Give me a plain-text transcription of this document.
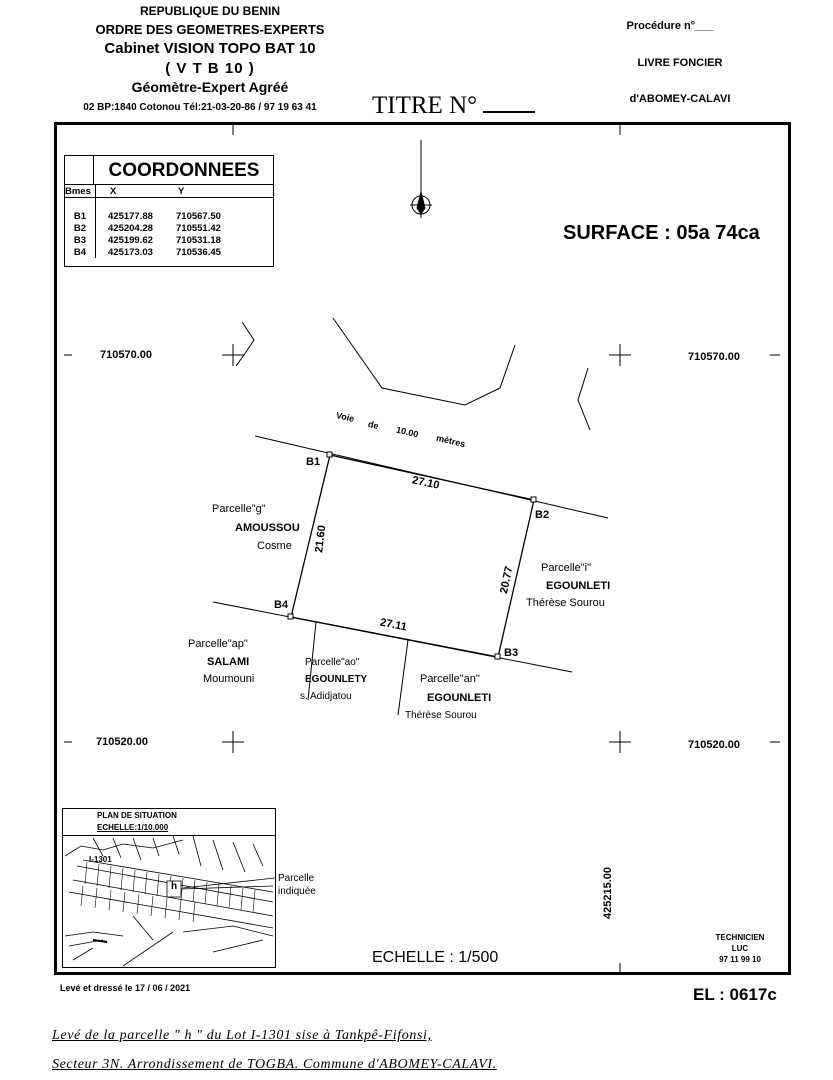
REPUBLIQUE DU BENIN
ORDRE DES GEOMETRES-EXPERTS
Cabinet VISION TOPO BAT 10
( V T B 10 )
Géomètre-Expert Agréé
02 BP:1840 Cotonou Tél:21-03-20-86 / 97 19 63 41	TITRE N°
Procédure n°___
LIVRE FONCIER
d'ABOMEY-CALAVI
COORDONNEES
Bmes	X	Y

B1	425177.88	710567.50
B2	425204.28	710551.42
B3	425199.62	710531.18
B4	425173.03	710536.45
SURFACE : 05a 74ca
710570.00	710570.00
710520.00	710520.00
425215.00
Voie
de 10.00
mètres
B1
B2
B3
B4
27.10
27.11
21.60
20.77
Parcelle"g"
AMOUSSOU
Cosme
Parcelle"i"
EGOUNLETI
Thérèse Sourou
Parcelle"ap"
SALAMI
Moumouni
Parcelle"ao"
EGOUNLETY
s. Adidjatou
Parcelle"an"
EGOUNLETI
Thérèse Sourou
PLAN DE SITUATION
ECHELLE:1/10.000
I-1301
h
Parcelle
indiquée
ECHELLE : 1/500
TECHNICIEN
LUC
97 11 99 10
Levé et dressé le 17 / 06 / 2021	EL : 0617c
Levé de la parcelle " h " du Lot I-1301 sise à Tankpê-Fifonsi,
Secteur 3N. Arrondissement de TOGBA. Commune d'ABOMEY-CALAVI.
